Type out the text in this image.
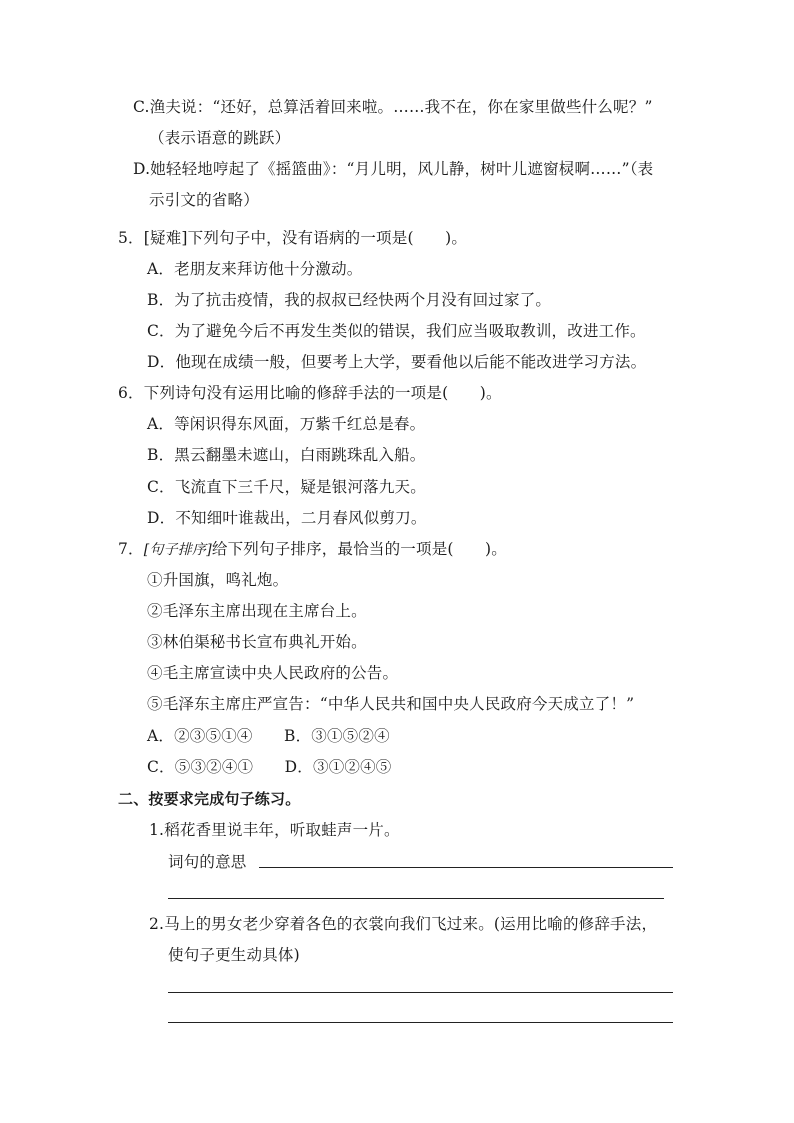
C.渔夫说：“还好，总算活着回来啦。……我不在，你在家里做些什么呢？”
（表示语意的跳跃）
D.她轻轻地哼起了《摇篮曲》：“月儿明，风儿静，树叶儿遮窗棂啊……”（表
示引文的省略）
5．[疑难]下列句子中，没有语病的一项是(　　)。
A．老朋友来拜访他十分激动。
B．为了抗击疫情，我的叔叔已经快两个月没有回过家了。
C．为了避免今后不再发生类似的错误，我们应当吸取教训，改进工作。
D．他现在成绩一般，但要考上大学，要看他以后能不能改进学习方法。
6．下列诗句没有运用比喻的修辞手法的一项是(　　)。
A．等闲识得东风面，万紫千红总是春。
B．黑云翻墨未遮山，白雨跳珠乱入船。
C．飞流直下三千尺，疑是银河落九天。
D．不知细叶谁裁出，二月春风似剪刀。
7．[句子排序]给下列句子排序，最恰当的一项是(　　)。
①升国旗，鸣礼炮。
②毛泽东主席出现在主席台上。
③林伯渠秘书长宣布典礼开始。
④毛主席宣读中央人民政府的公告。
⑤毛泽东主席庄严宣告：“中华人民共和国中央人民政府今天成立了！”
A．②③⑤①④　　B．③①⑤②④
C．⑤③②④①　　D．③①②④⑤
二、按要求完成句子练习。
1.稻花香里说丰年，听取蛙声一片。
词句的意思
2.马上的男女老少穿着各色的衣裳向我们飞过来。(运用比喻的修辞手法，
使句子更生动具体)
